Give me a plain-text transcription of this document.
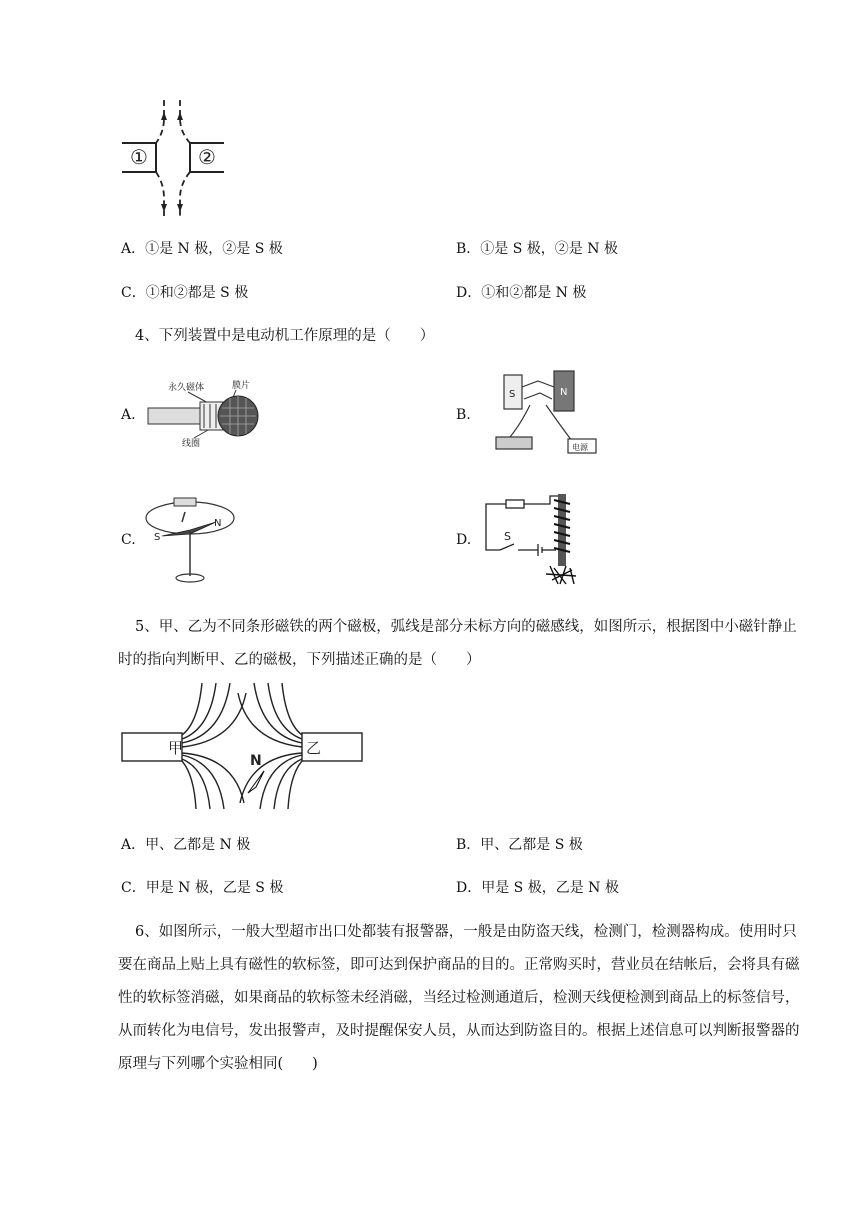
①	②
A．①是 N 极，②是 S 极	B．①是 S 极，②是 N 极
C．①和②都是 S 极	D．①和②都是 N 极
4、下列装置中是电动机工作原理的是（　　）
A.
永久磁体	膜片
线圈
B.
S	N
电源
C. S
N
D.	S

5、甲、乙为不同条形磁铁的两个磁极，弧线是部分未标方向的磁感线，如图所示，根据图中小磁针静止时的指向判断甲、乙的磁极，下列描述正确的是（　　）

甲	乙
N
A．甲、乙都是 N 极	B．甲、乙都是 S 极
C．甲是 N 极，乙是 S 极	D．甲是 S 极，乙是 N 极

6、如图所示，一般大型超市出口处都装有报警器，一般是由防盗天线，检测门，检测器构成。使用时只要在商品上贴上具有磁性的软标签，即可达到保护商品的目的。正常购买时，营业员在结帐后，会将具有磁性的软标签消磁，如果商品的软标签未经消磁，当经过检测通道后，检测天线便检测到商品上的标签信号，从而转化为电信号，发出报警声，及时提醒保安人员，从而达到防盗目的。根据上述信息可以判断报警器的原理与下列哪个实验相同(　　)
